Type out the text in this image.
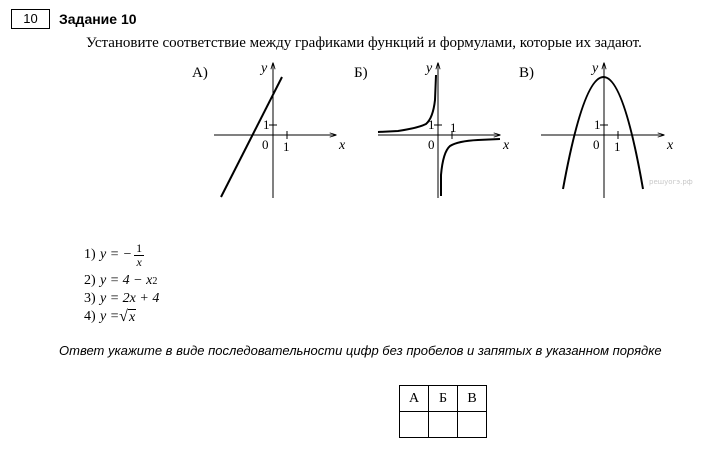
10	Задание 10
Установите соответствие между графиками функций и формулами, которые их задают.
А)
x
y
1
1
0
Б)
x
y
1
1
0
В)
x
y
1
1
0
решуогэ.рф
1) y = − $\frac{1}{x}$
2) y = 4 − x 2
3) y = 2x + 4
4) y = √ x
Ответ укажите в виде последовательности цифр без пробелов и запятых в указанном порядке
А	Б	В
